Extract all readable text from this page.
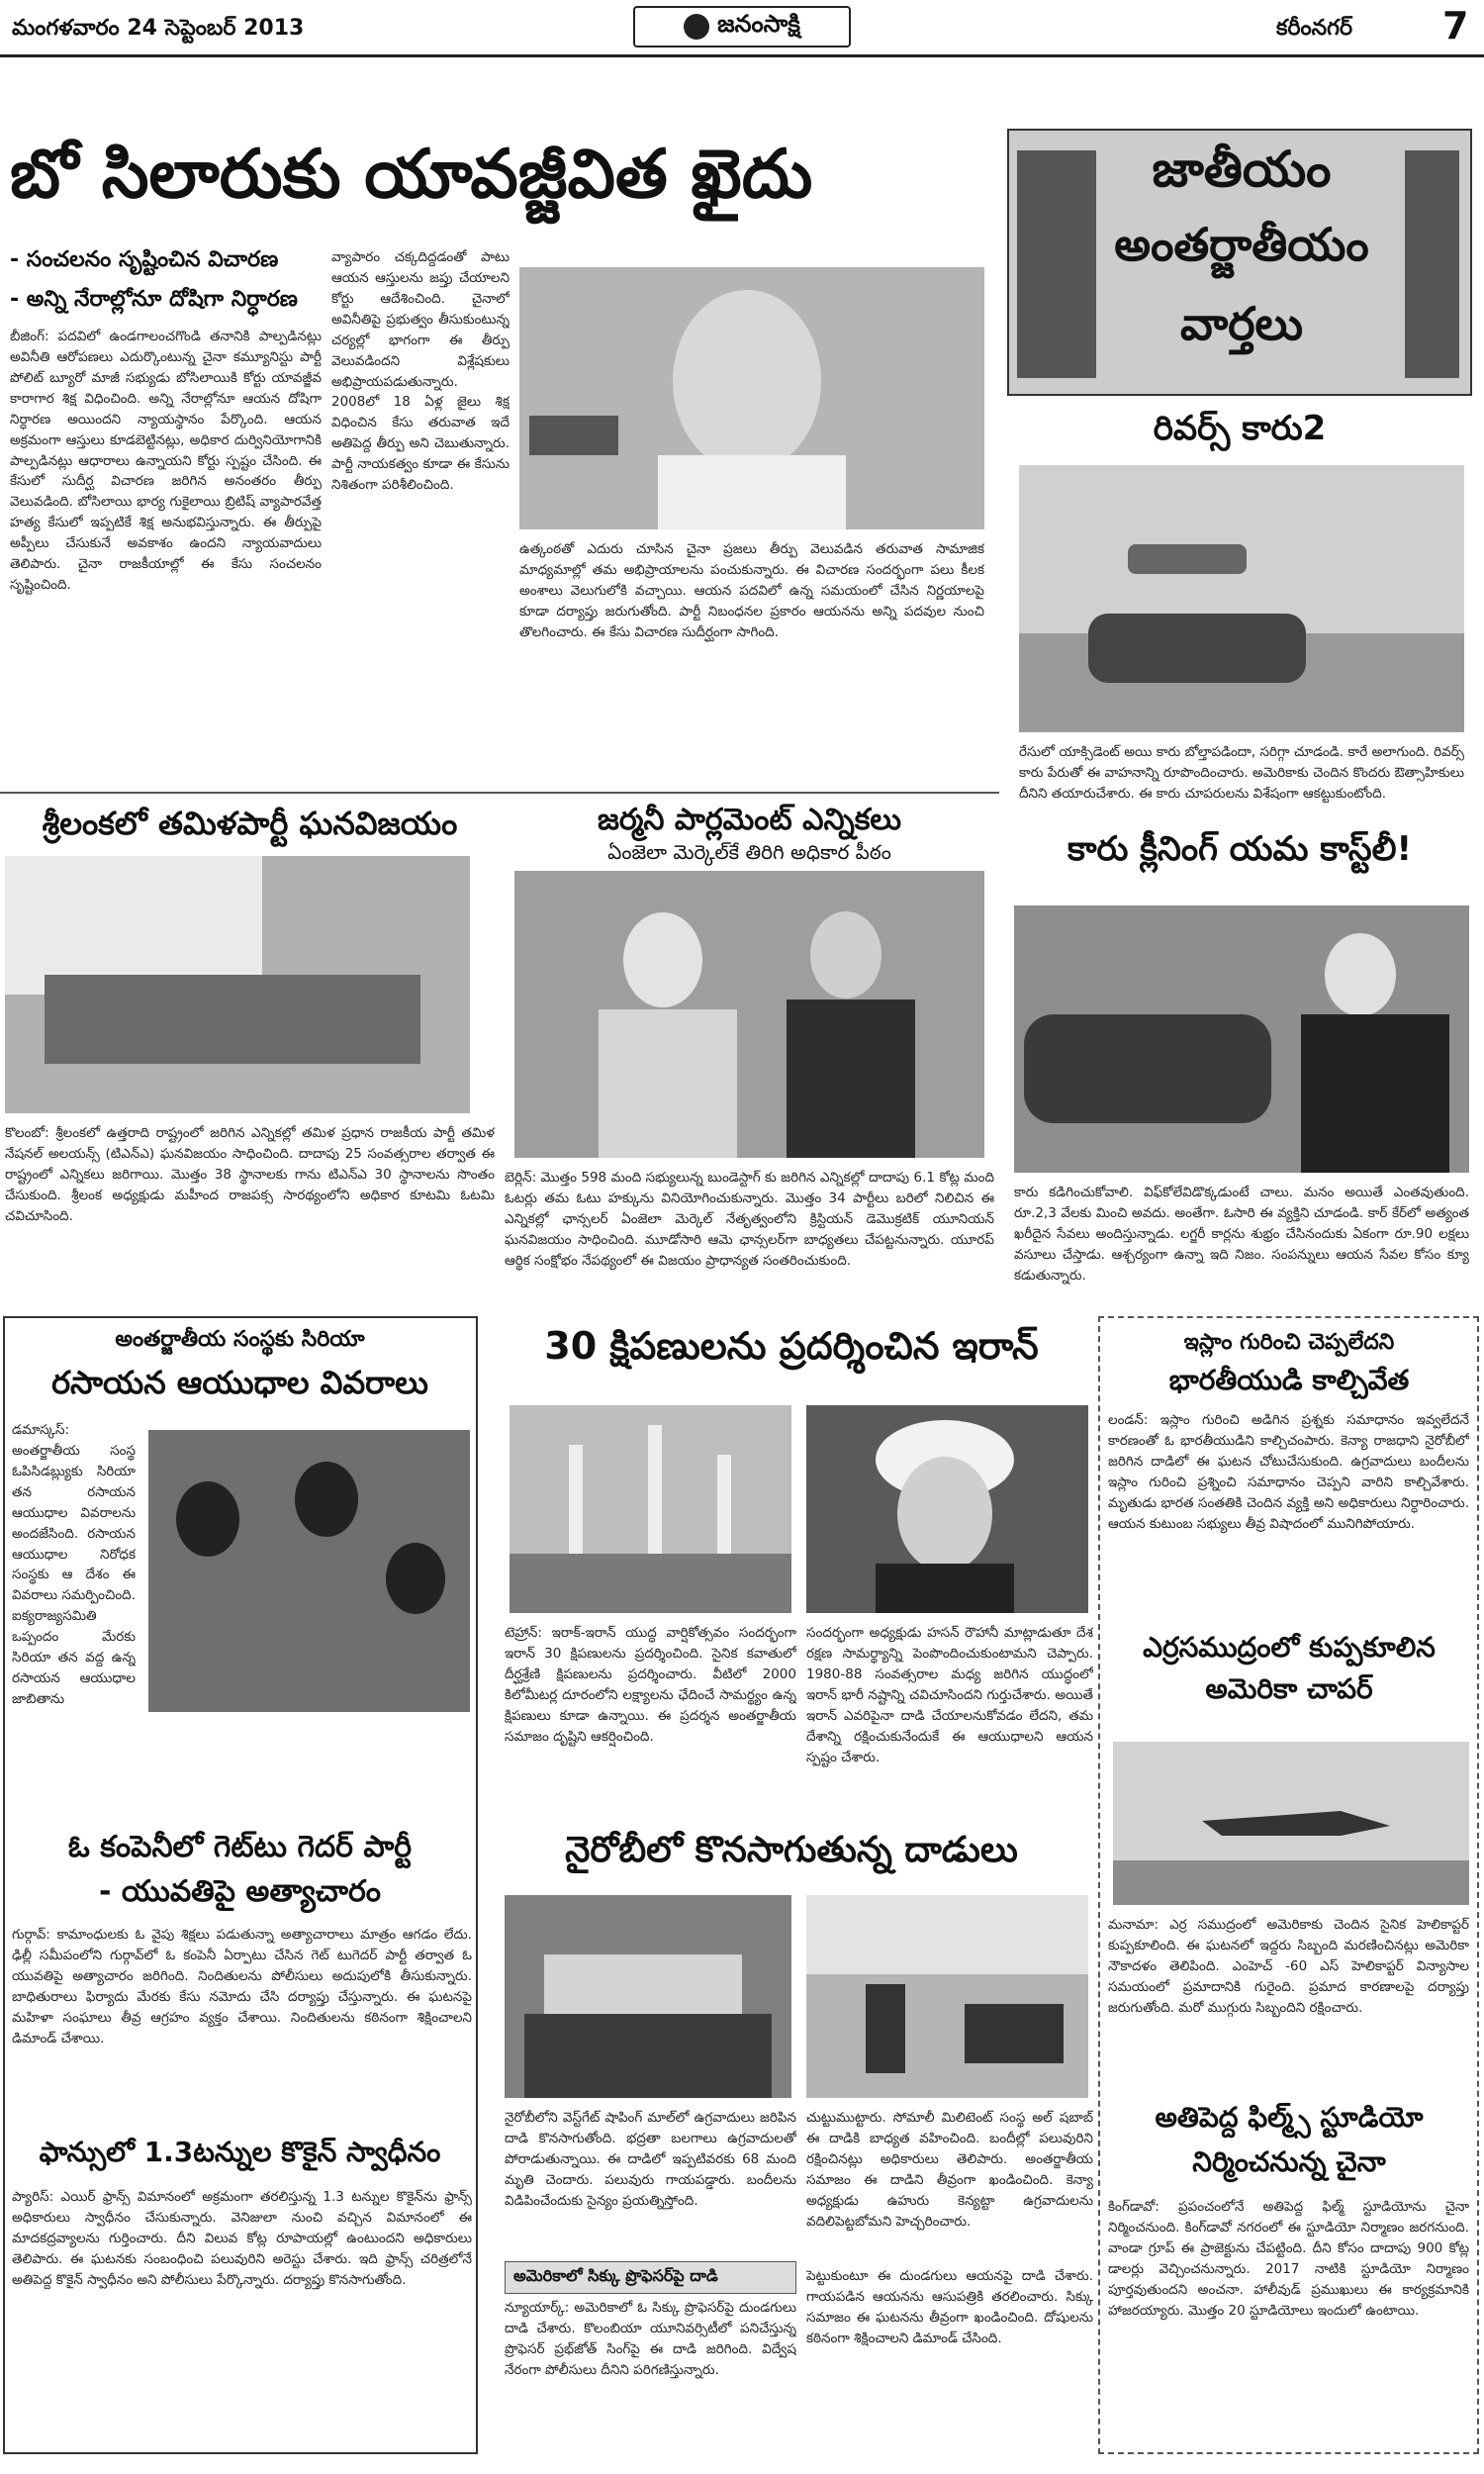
మంగళవారం 24 సెప్టెంబర్ 2013	జనంసాక్షి	కరీంనగర్ 7
బో సిలారుకు యావజ్జీవిత ఖైదు
- సంచలనం సృష్టించిన విచారణ
- అన్ని నేరాల్లోనూ దోషిగా నిర్ధారణ
బీజింగ్‌: పదవిలో ఉండగాలంచగొండి తనానికి పాల్పడినట్లు అవినీతి ఆరోపణలు ఎదుర్కొంటున్న చైనా కమ్యూనిస్టు పార్టీ పోలిట్‌ బ్యూరో మాజీ సభ్యుడు బోసిలాయికి కోర్టు యావజ్జీవ కారాగార శిక్ష విధించింది. అన్ని నేరాల్లోనూ ఆయన దోషిగా నిర్ధారణ అయిందని న్యాయస్థానం పేర్కొంది. ఆయన అక్రమంగా ఆస్తులు కూడబెట్టినట్లు, అధికార దుర్వినియోగానికి పాల్పడినట్లు ఆధారాలు ఉన్నాయని కోర్టు స్పష్టం చేసింది. ఈ కేసులో సుదీర్ఘ విచారణ జరిగిన అనంతరం తీర్పు వెలువడింది. బోసిలాయి భార్య గుకైలాయి బ్రిటిష్‌ వ్యాపారవేత్త హత్య కేసులో ఇప్పటికే శిక్ష అనుభవిస్తున్నారు. ఈ తీర్పుపై అప్పీలు చేసుకునే అవకాశం ఉందని న్యాయవాదులు తెలిపారు. చైనా రాజకీయాల్లో ఈ కేసు సంచలనం సృష్టించింది.
వ్యాపారం చక్కదిద్దడంతో పాటు ఆయన ఆస్తులను జప్తు చేయాలని కోర్టు ఆదేశించింది. చైనాలో అవినీతిపై ప్రభుత్వం తీసుకుంటున్న చర్యల్లో భాగంగా ఈ తీర్పు వెలువడిందని విశ్లేషకులు అభిప్రాయపడుతున్నారు. 2008లో 18 ఏళ్ల జైలు శిక్ష విధించిన కేసు తరువాత ఇదే అతిపెద్ద తీర్పు అని చెబుతున్నారు. పార్టీ నాయకత్వం కూడా ఈ కేసును నిశితంగా పరిశీలించింది.
ఉత్కంఠతో ఎదురు చూసిన చైనా ప్రజలు తీర్పు వెలువడిన తరువాత సామాజిక మాధ్యమాల్లో తమ అభిప్రాయాలను పంచుకున్నారు. ఈ విచారణ సందర్భంగా పలు కీలక అంశాలు వెలుగులోకి వచ్చాయి. ఆయన పదవిలో ఉన్న సమయంలో చేసిన నిర్ణయాలపై కూడా దర్యాప్తు జరుగుతోంది. పార్టీ నిబంధనల ప్రకారం ఆయనను అన్ని పదవుల నుంచి తొలగించారు. ఈ కేసు విచారణ సుదీర్ఘంగా సాగింది.
జాతీయం
అంతర్జాతీయం
వార్తలు
రివర్స్‌ కారు2
రేసులో యాక్సిడెంట్‌ అయి కారు బోల్తాపడిందా, సరిగ్గా చూడండి. కారే అలాగుంది. రివర్స్‌ కారు పేరుతో ఈ వాహనాన్ని రూపొందించారు. అమెరికాకు చెందిన కొందరు ఔత్సాహికులు దీనిని తయారుచేశారు. ఈ కారు చూపరులను విశేషంగా ఆకట్టుకుంటోంది.
శ్రీలంకలో తమిళపార్టీ ఘనవిజయం
కొలంబో: శ్రీలంకలో ఉత్తరాది రాష్ట్రంలో జరిగిన ఎన్నికల్లో తమిళ ప్రధాన రాజకీయ పార్టీ తమిళ నేషనల్‌ అలయన్స్‌ (టిఎన్‌ఎ) ఘనవిజయం సాధించింది. దాదాపు 25 సంవత్సరాల తర్వాత ఈ రాష్ట్రంలో ఎన్నికలు జరిగాయి. మొత్తం 38 స్థానాలకు గాను టిఎన్‌ఎ 30 స్థానాలను సొంతం చేసుకుంది. శ్రీలంక అధ్యక్షుడు మహీంద రాజపక్స సారథ్యంలోని అధికార కూటమి ఓటమి చవిచూసింది.
జర్మనీ పార్లమెంట్‌ ఎన్నికలు
ఏంజెలా మెర్కెల్‌కే తిరిగి అధికార పీఠం
బెర్లిన్‌: మొత్తం 598 మంది సభ్యులున్న బుండెస్టాగ్‌ కు జరిగిన ఎన్నికల్లో దాదాపు 6.1 కోట్ల మంది ఓటర్లు తమ ఓటు హక్కును వినియోగించుకున్నారు. మొత్తం 34 పార్టీలు బరిలో నిలిచిన ఈ ఎన్నికల్లో ఛాన్సలర్‌ ఏంజెలా మెర్కెల్‌ నేతృత్వంలోని క్రిస్టియన్‌ డెమొక్రటిక్‌ యూనియన్‌ ఘనవిజయం సాధించింది. మూడోసారి ఆమె ఛాన్సలర్‌గా బాధ్యతలు చేపట్టనున్నారు. యూరప్‌ ఆర్థిక సంక్షోభం నేపథ్యంలో ఈ విజయం ప్రాధాన్యత సంతరించుకుంది.
కారు క్లీనింగ్‌ యమ కాస్ట్‌లీ!
కారు కడిగించుకోవాలి. విఫ్‌కోలేవిడొక్కడుంటే చాలు. మనం అయితే ఎంతవుతుంది. రూ.2,3 వేలకు మించి అవదు. అంతేగా. ఓసారి ఈ వ్యక్తిని చూడండి. కార్‌ కేర్‌లో అత్యంత ఖరీదైన సేవలు అందిస్తున్నాడు. లగ్జరీ కార్లను శుభ్రం చేసినందుకు ఏకంగా రూ.90 లక్షలు వసూలు చేస్తాడు. ఆశ్చర్యంగా ఉన్నా ఇది నిజం. సంపన్నులు ఆయన సేవల కోసం క్యూ కడుతున్నారు.
అంతర్జాతీయ సంస్థకు సిరియా
రసాయన ఆయుధాల వివరాలు
డమాస్కస్‌: అంతర్జాతీయ సంస్థ ఓపిసిడబ్ల్యుకు సిరియా తన రసాయన ఆయుధాల వివరాలను అందజేసింది. రసాయన ఆయుధాల నిరోధక సంస్థకు ఆ దేశం ఈ వివరాలు సమర్పించింది. ఐక్యరాజ్యసమితి ఒప్పందం మేరకు సిరియా తన వద్ద ఉన్న రసాయన ఆయుధాల జాబితాను
ఓ కంపెనీలో గెట్‌టు గెదర్‌ పార్టీ
- యువతిపై అత్యాచారం
గుర్గావ్‌: కామాంధులకు ఓ వైపు శిక్షలు పడుతున్నా అత్యాచారాలు మాత్రం ఆగడం లేదు. ఢిల్లీ సమీపంలోని గుర్గావ్‌లో ఓ కంపెనీ ఏర్పాటు చేసిన గెట్‌ టుగెదర్‌ పార్టీ తర్వాత ఓ యువతిపై అత్యాచారం జరిగింది. నిందితులను పోలీసులు అదుపులోకి తీసుకున్నారు. బాధితురాలు ఫిర్యాదు మేరకు కేసు నమోదు చేసి దర్యాప్తు చేస్తున్నారు. ఈ ఘటనపై మహిళా సంఘాలు తీవ్ర ఆగ్రహం వ్యక్తం చేశాయి. నిందితులను కఠినంగా శిక్షించాలని డిమాండ్‌ చేశాయి.
ఫాన్సులో 1.3టన్నుల కొకైన్‌ స్వాధీనం
ప్యారిస్‌: ఎయిర్‌ ఫ్రాన్స్‌ విమానంలో అక్రమంగా తరలిస్తున్న 1.3 టన్నుల కొకైన్‌ను ఫ్రాన్స్‌ అధికారులు స్వాధీనం చేసుకున్నారు. వెనిజులా నుంచి వచ్చిన విమానంలో ఈ మాదకద్రవ్యాలను గుర్తించారు. దీని విలువ కోట్ల రూపాయల్లో ఉంటుందని అధికారులు తెలిపారు. ఈ ఘటనకు సంబంధించి పలువురిని అరెస్టు చేశారు. ఇది ఫ్రాన్స్‌ చరిత్రలోనే అతిపెద్ద కొకైన్‌ స్వాధీనం అని పోలీసులు పేర్కొన్నారు. దర్యాప్తు కొనసాగుతోంది.
30 క్షిపణులను ప్రదర్శించిన ఇరాన్‌
టెహ్రాన్‌: ఇరాక్‌-ఇరాన్‌ యుద్ధ వార్షికోత్సవం సందర్భంగా ఇరాన్‌ 30 క్షిపణులను ప్రదర్శించింది. సైనిక కవాతులో దీర్ఘశ్రేణి క్షిపణులను ప్రదర్శించారు. వీటిలో 2000 కిలోమీటర్ల దూరంలోని లక్ష్యాలను ఛేదించే సామర్థ్యం ఉన్న క్షిపణులు కూడా ఉన్నాయి. ఈ ప్రదర్శన అంతర్జాతీయ సమాజం దృష్టిని ఆకర్షించింది.
సందర్భంగా అధ్యక్షుడు హసన్‌ రౌహానీ మాట్లాడుతూ దేశ రక్షణ సామర్థ్యాన్ని పెంపొందించుకుంటామని చెప్పారు. 1980-88 సంవత్సరాల మధ్య జరిగిన యుద్ధంలో ఇరాన్‌ భారీ నష్టాన్ని చవిచూసిందని గుర్తుచేశారు. అయితే ఇరాన్‌ ఎవరిపైనా దాడి చేయాలనుకోవడం లేదని, తమ దేశాన్ని రక్షించుకునేందుకే ఈ ఆయుధాలని ఆయన స్పష్టం చేశారు.
నైరోబీలో కొనసాగుతున్న దాడులు
నైరోబీలోని వెస్ట్‌గేట్‌ షాపింగ్‌ మాల్‌లో ఉగ్రవాదులు జరిపిన దాడి కొనసాగుతోంది. భద్రతా బలగాలు ఉగ్రవాదులతో పోరాడుతున్నాయి. ఈ దాడిలో ఇప్పటివరకు 68 మంది మృతి చెందారు. పలువురు గాయపడ్డారు. బందీలను విడిపించేందుకు సైన్యం ప్రయత్నిస్తోంది.
చుట్టుముట్టారు. సోమాలీ మిలిటెంట్‌ సంస్థ అల్‌ షబాబ్‌ ఈ దాడికి బాధ్యత వహించింది. బందీల్లో పలువురిని రక్షించినట్లు అధికారులు తెలిపారు. అంతర్జాతీయ సమాజం ఈ దాడిని తీవ్రంగా ఖండించింది. కెన్యా అధ్యక్షుడు ఉహురు కెన్యట్టా ఉగ్రవాదులను వదిలిపెట్టబోమని హెచ్చరించారు.
అమెరికాలో సిక్కు ప్రొఫెసర్‌పై దాడి
న్యూయార్క్‌: అమెరికాలో ఓ సిక్కు ప్రొఫెసర్‌పై దుండగులు దాడి చేశారు. కొలంబియా యూనివర్సిటీలో పనిచేస్తున్న ప్రొఫెసర్‌ ప్రభ్‌జోత్‌ సింగ్‌పై ఈ దాడి జరిగింది. విద్వేష నేరంగా పోలీసులు దీనిని పరిగణిస్తున్నారు.
పెట్టుకుంటూ ఈ దుండగులు ఆయనపై దాడి చేశారు. గాయపడిన ఆయనను ఆసుపత్రికి తరలించారు. సిక్కు సమాజం ఈ ఘటనను తీవ్రంగా ఖండించింది. దోషులను కఠినంగా శిక్షించాలని డిమాండ్‌ చేసింది.
ఇస్లాం గురించి చెప్పలేదని
భారతీయుడి కాల్చివేత
లండన్‌: ఇస్లాం గురించి అడిగిన ప్రశ్నకు సమాధానం ఇవ్వలేదనే కారణంతో ఓ భారతీయుడిని కాల్చిచంపారు. కెన్యా రాజధాని నైరోబీలో జరిగిన దాడిలో ఈ ఘటన చోటుచేసుకుంది. ఉగ్రవాదులు బందీలను ఇస్లాం గురించి ప్రశ్నించి సమాధానం చెప్పని వారిని కాల్చివేశారు. మృతుడు భారత సంతతికి చెందిన వ్యక్తి అని అధికారులు నిర్ధారించారు. ఆయన కుటుంబ సభ్యులు తీవ్ర విషాదంలో మునిగిపోయారు.
ఎర్రసముద్రంలో కుప్పకూలిన
అమెరికా చాపర్‌
మనామా: ఎర్ర సముద్రంలో అమెరికాకు చెందిన సైనిక హెలికాప్టర్‌ కుప్పకూలింది. ఈ ఘటనలో ఇద్దరు సిబ్బంది మరణించినట్లు అమెరికా నౌకాదళం తెలిపింది. ఎంహెచ్‌ -60 ఎస్‌ హెలికాప్టర్‌ విన్యాసాల సమయంలో ప్రమాదానికి గురైంది. ప్రమాద కారణాలపై దర్యాప్తు జరుగుతోంది. మరో ముగ్గురు సిబ్బందిని రక్షించారు.
అతిపెద్ద ఫిల్మ్స్‌ స్టూడియో
నిర్మించనున్న చైనా
కింగ్‌డావో: ప్రపంచంలోనే అతిపెద్ద ఫిల్మ్‌ స్టూడియోను చైనా నిర్మించనుంది. కింగ్‌డావో నగరంలో ఈ స్టూడియో నిర్మాణం జరగనుంది. వాండా గ్రూప్‌ ఈ ప్రాజెక్టును చేపట్టింది. దీని కోసం దాదాపు 900 కోట్ల డాలర్లు వెచ్చించనున్నారు. 2017 నాటికి స్టూడియో నిర్మాణం పూర్తవుతుందని అంచనా. హాలీవుడ్‌ ప్రముఖులు ఈ కార్యక్రమానికి హాజరయ్యారు. మొత్తం 20 స్టూడియోలు ఇందులో ఉంటాయి.
